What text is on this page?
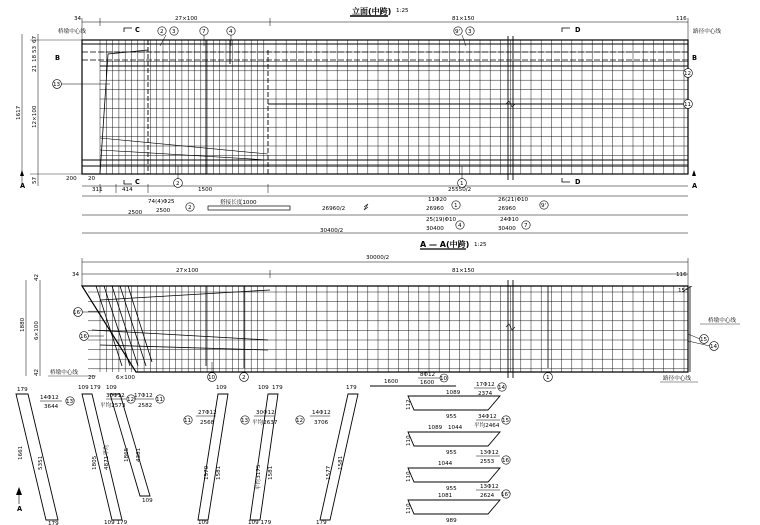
立面(中跨) 1:25
34	27×100	81×150	116
桥墩中心线	路径中心线
C
C
D
D
B	B
A	A
67
53
18
21
1617 12×100
57	200 20
311	414	1500	25550/2
2 3	7	4	9' 3
13
12
11
2	1
2500
74(4)Φ25
2500	2
搭接长度1000
26960/2
11Φ20
26960 1
26(21)Φ10
26960	9'
30400/2
25(19)Φ10
30400	4
24Φ10
30400 7
A — A(中跨) 1:25
34
27×100
30000/2
81×150
116
15°
42
1880 6×100
42
桥墩中心线
路径中心线
桥墩中心线
20	6×100
16'
16
10	2	1
15
14
A
179
14Φ12
3644
13'
1661
5351
179
109 179
30Φ12
平均2573
12'
1805	4871平均
109 179
109
17Φ12
2582
11'
1865 4381
109
109
11
27Φ12
2568
1570 1581
109
109 179
13
30Φ12
平均2637
平均3175 1581
109 179
179
12
14Φ12
3706
1577
1581
179
1600
8Φ12
1600
10
1089
17Φ12
2374
14
955
112
1089 1044
34Φ12
平均2464
15
955
110
1044
13Φ12
2553 16
955
110
1081
13Φ12
2624 16'
989
110
